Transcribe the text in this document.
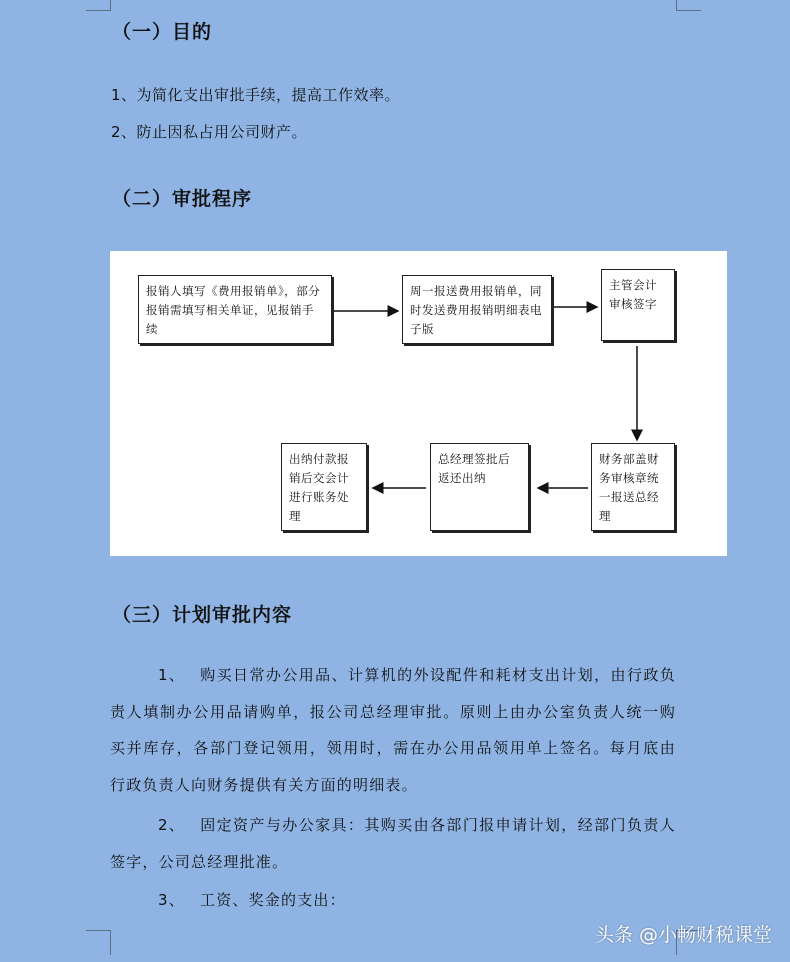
（一）目的
1、为简化支出审批手续，提高工作效率。
2、防止因私占用公司财产。
（二）审批程序
报销人填写《费用报销单》，部分报销需填写相关单证，见报销手续
周一报送费用报销单，同时发送费用报销明细表电子版
主管会计审核签字
财务部盖财务审核章统一报送总经理
总经理签批后返还出纳
出纳付款报销后交会计进行账务处理
（三）计划审批内容
1、 购买日常办公用品、计算机的外设配件和耗材支出计划，由行政负责人填制办公用品请购单，报公司总经理审批。原则上由办公室负责人统一购买并库存，各部门登记领用，领用时，需在办公用品领用单上签名。每月底由行政负责人向财务提供有关方面的明细表。
2、 固定资产与办公家具：其购买由各部门报申请计划，经部门负责人签字，公司总经理批准。
3、 工资、奖金的支出：
头条 @小畅财税课堂
